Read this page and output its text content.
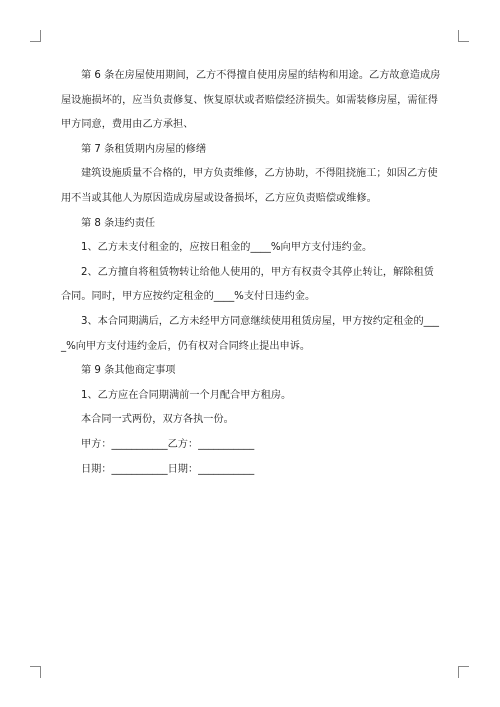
第 6 条在房屋使用期间，乙方不得擅自使用房屋的结构和用途。乙方故意造成房屋设施损坏的，应当负责修复、恢复原状或者赔偿经济损失。如需装修房屋，需征得甲方同意，费用由乙方承担、

第 7 条租赁期内房屋的修缮

建筑设施质量不合格的，甲方负责维修，乙方协助，不得阻挠施工；如因乙方使用不当或其他人为原因造成房屋或设备损坏，乙方应负责赔偿或维修。

第 8 条违约责任

1、乙方未支付租金的，应按日租金的____%向甲方支付违约金。

2、乙方擅自将租赁物转让给他人使用的，甲方有权责令其停止转让，解除租赁合同。同时，甲方应按约定租金的____%支付日违约金。

3、本合同期满后，乙方未经甲方同意继续使用租赁房屋，甲方按约定租金的___ _%向甲方支付违约金后，仍有权对合同终止提出申诉。

第 9 条其他商定事项

1、乙方应在合同期满前一个月配合甲方租房。

本合同一式两份，双方各执一份。

甲方：___________乙方：___________

日期：___________日期：___________
